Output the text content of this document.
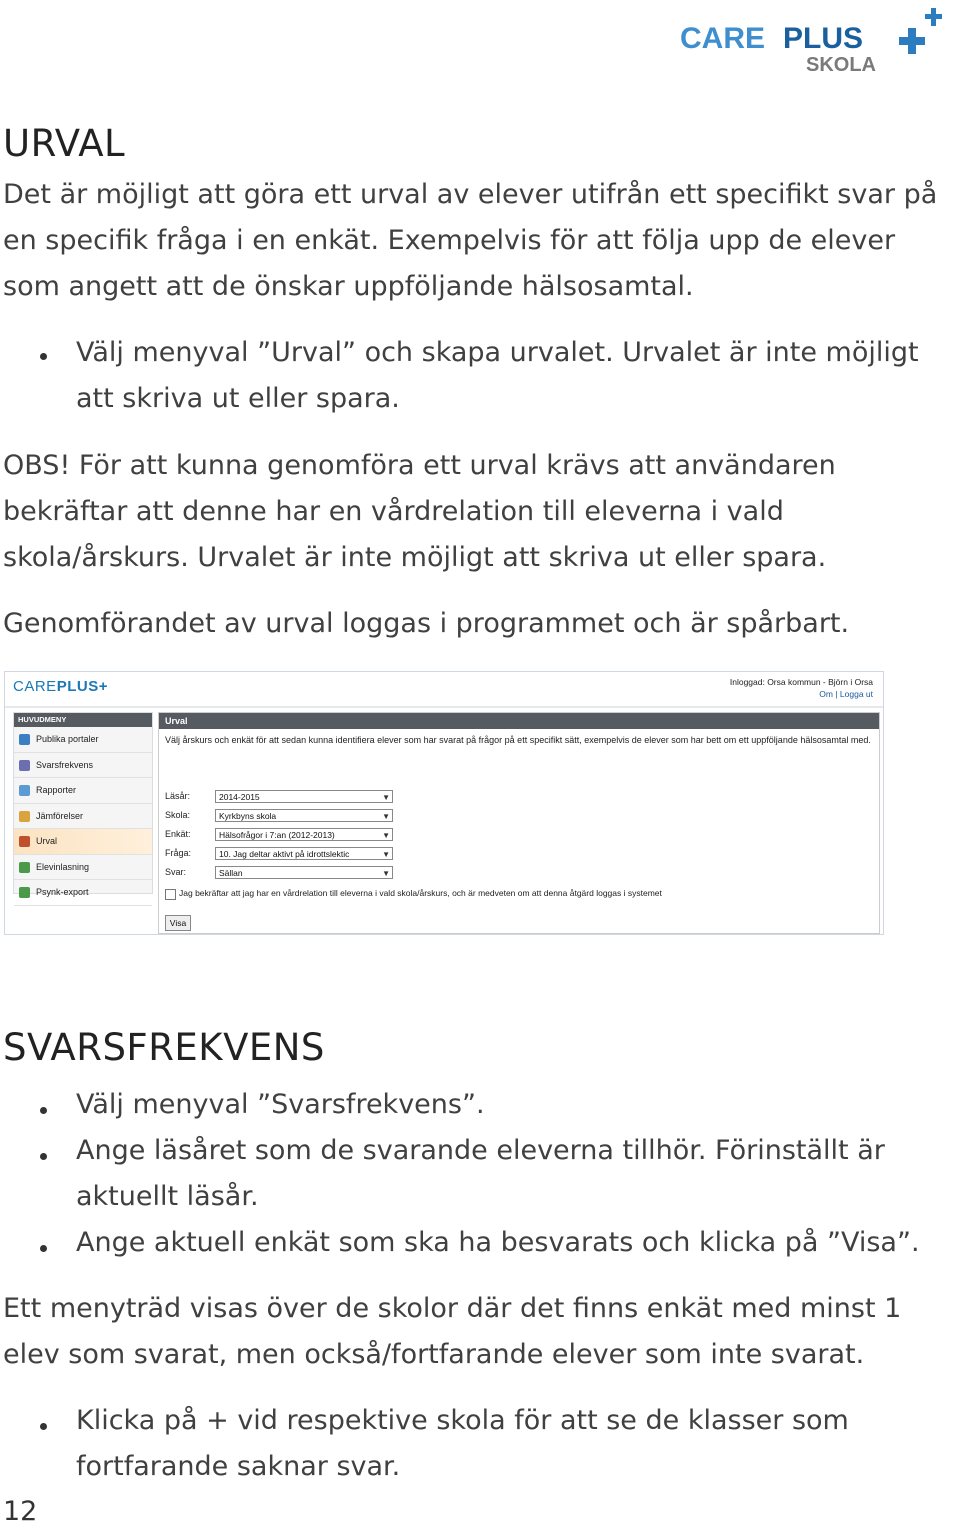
CARE PLUS
SKOLA
URVAL

Det är möjligt att göra ett urval av elever utifrån ett specifikt svar på

en specifik fråga i en enkät. Exempelvis för att följa upp de elever

som angett att de önskar uppföljande hälsosamtal.

Välj menyval ”Urval” och skapa urvalet. Urvalet är inte möjligt

att skriva ut eller spara.

OBS! För att kunna genomföra ett urval krävs att användaren

bekräftar att denne har en vårdrelation till eleverna i vald

skola/årskurs. Urvalet är inte möjligt att skriva ut eller spara.

Genomförandet av urval loggas i programmet och är spårbart.

CAREPLUS+	Inloggad: Orsa kommun - Björn i Orsa
Om | Logga ut
HUVUDMENY
Publika portaler
Svarsfrekvens
Rapporter
Jämförelser
Urval
Elevinlasning
Psynk-export
Urval
Välj årskurs och enkät för att sedan kunna identifiera elever som har svarat på frågor på ett specifikt sätt, exempelvis de elever som har bett om ett uppföljande hälsosamtal med.
Läsår:	2014-2015	▼
Skola:	Kyrkbyns skola	▼
Enkät:	Hälsofrågor i 7:an (2012-2013)	▼
Fråga:	10. Jag deltar aktivt på idrottslektic	▼
Svar:	Sällan	▼
Jag bekräftar att jag har en vårdrelation till eleverna i vald skola/årskurs, och är medveten om att denna åtgärd loggas i systemet
Visa
SVARSFREKVENS

Välj menyval ”Svarsfrekvens”.

Ange läsåret som de svarande eleverna tillhör. Förinställt är

aktuellt läsår.

Ange aktuell enkät som ska ha besvarats och klicka på ”Visa”.

Ett menyträd visas över de skolor där det finns enkät med minst 1

elev som svarat, men också/fortfarande elever som inte svarat.

Klicka på + vid respektive skola för att se de klasser som

fortfarande saknar svar.

12
